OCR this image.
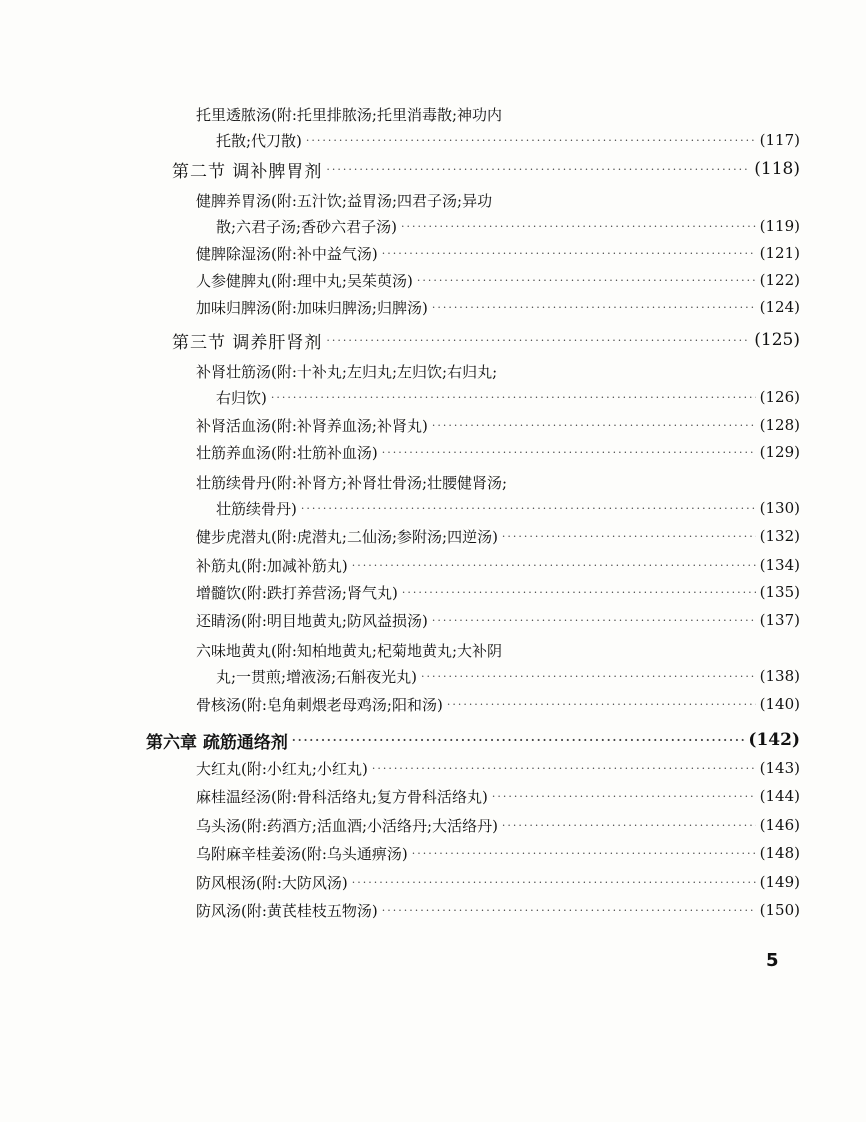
托里透脓汤(附:托里排脓汤;托里消毒散;神功内
托散;代刀散) ·····	(117)
第二节 调补脾胃剂 ·····	(118)
健脾养胃汤(附:五汁饮;益胃汤;四君子汤;异功
散;六君子汤;香砂六君子汤) ·····	(119)
健脾除湿汤(附:补中益气汤) ·····	(121)
人参健脾丸(附:理中丸;吴茱萸汤) ·····	(122)
加味归脾汤(附:加味归脾汤;归脾汤) ·····	(124)
第三节 调养肝肾剂 ·····	(125)
补肾壮筋汤(附:十补丸;左归丸;左归饮;右归丸;
右归饮) ·····	(126)
补肾活血汤(附:补肾养血汤;补肾丸) ·····	(128)
壮筋养血汤(附:壮筋补血汤) ·····	(129)
壮筋续骨丹(附:补肾方;补肾壮骨汤;壮腰健肾汤;
壮筋续骨丹) ·····	(130)
健步虎潜丸(附:虎潜丸;二仙汤;参附汤;四逆汤) ·····	(132)
补筋丸(附:加减补筋丸) ·····	(134)
增髓饮(附:跌打养营汤;肾气丸) ·····	(135)
还睛汤(附:明目地黄丸;防风益损汤) ·····	(137)
六味地黄丸(附:知柏地黄丸;杞菊地黄丸;大补阴
丸;一贯煎;增液汤;石斛夜光丸) ·····	(138)
骨核汤(附:皂角刺煨老母鸡汤;阳和汤) ·····	(140)
第六章 疏筋通络剂 ·····	(142)
大红丸(附:小红丸;小红丸) ·····	(143)
麻桂温经汤(附:骨科活络丸;复方骨科活络丸) ·····	(144)
乌头汤(附:药酒方;活血酒;小活络丹;大活络丹) ·····	(146)
乌附麻辛桂姜汤(附:乌头通痹汤) ·····	(148)
防风根汤(附:大防风汤) ·····	(149)
防风汤(附:黄芪桂枝五物汤) ·····	(150)
5
